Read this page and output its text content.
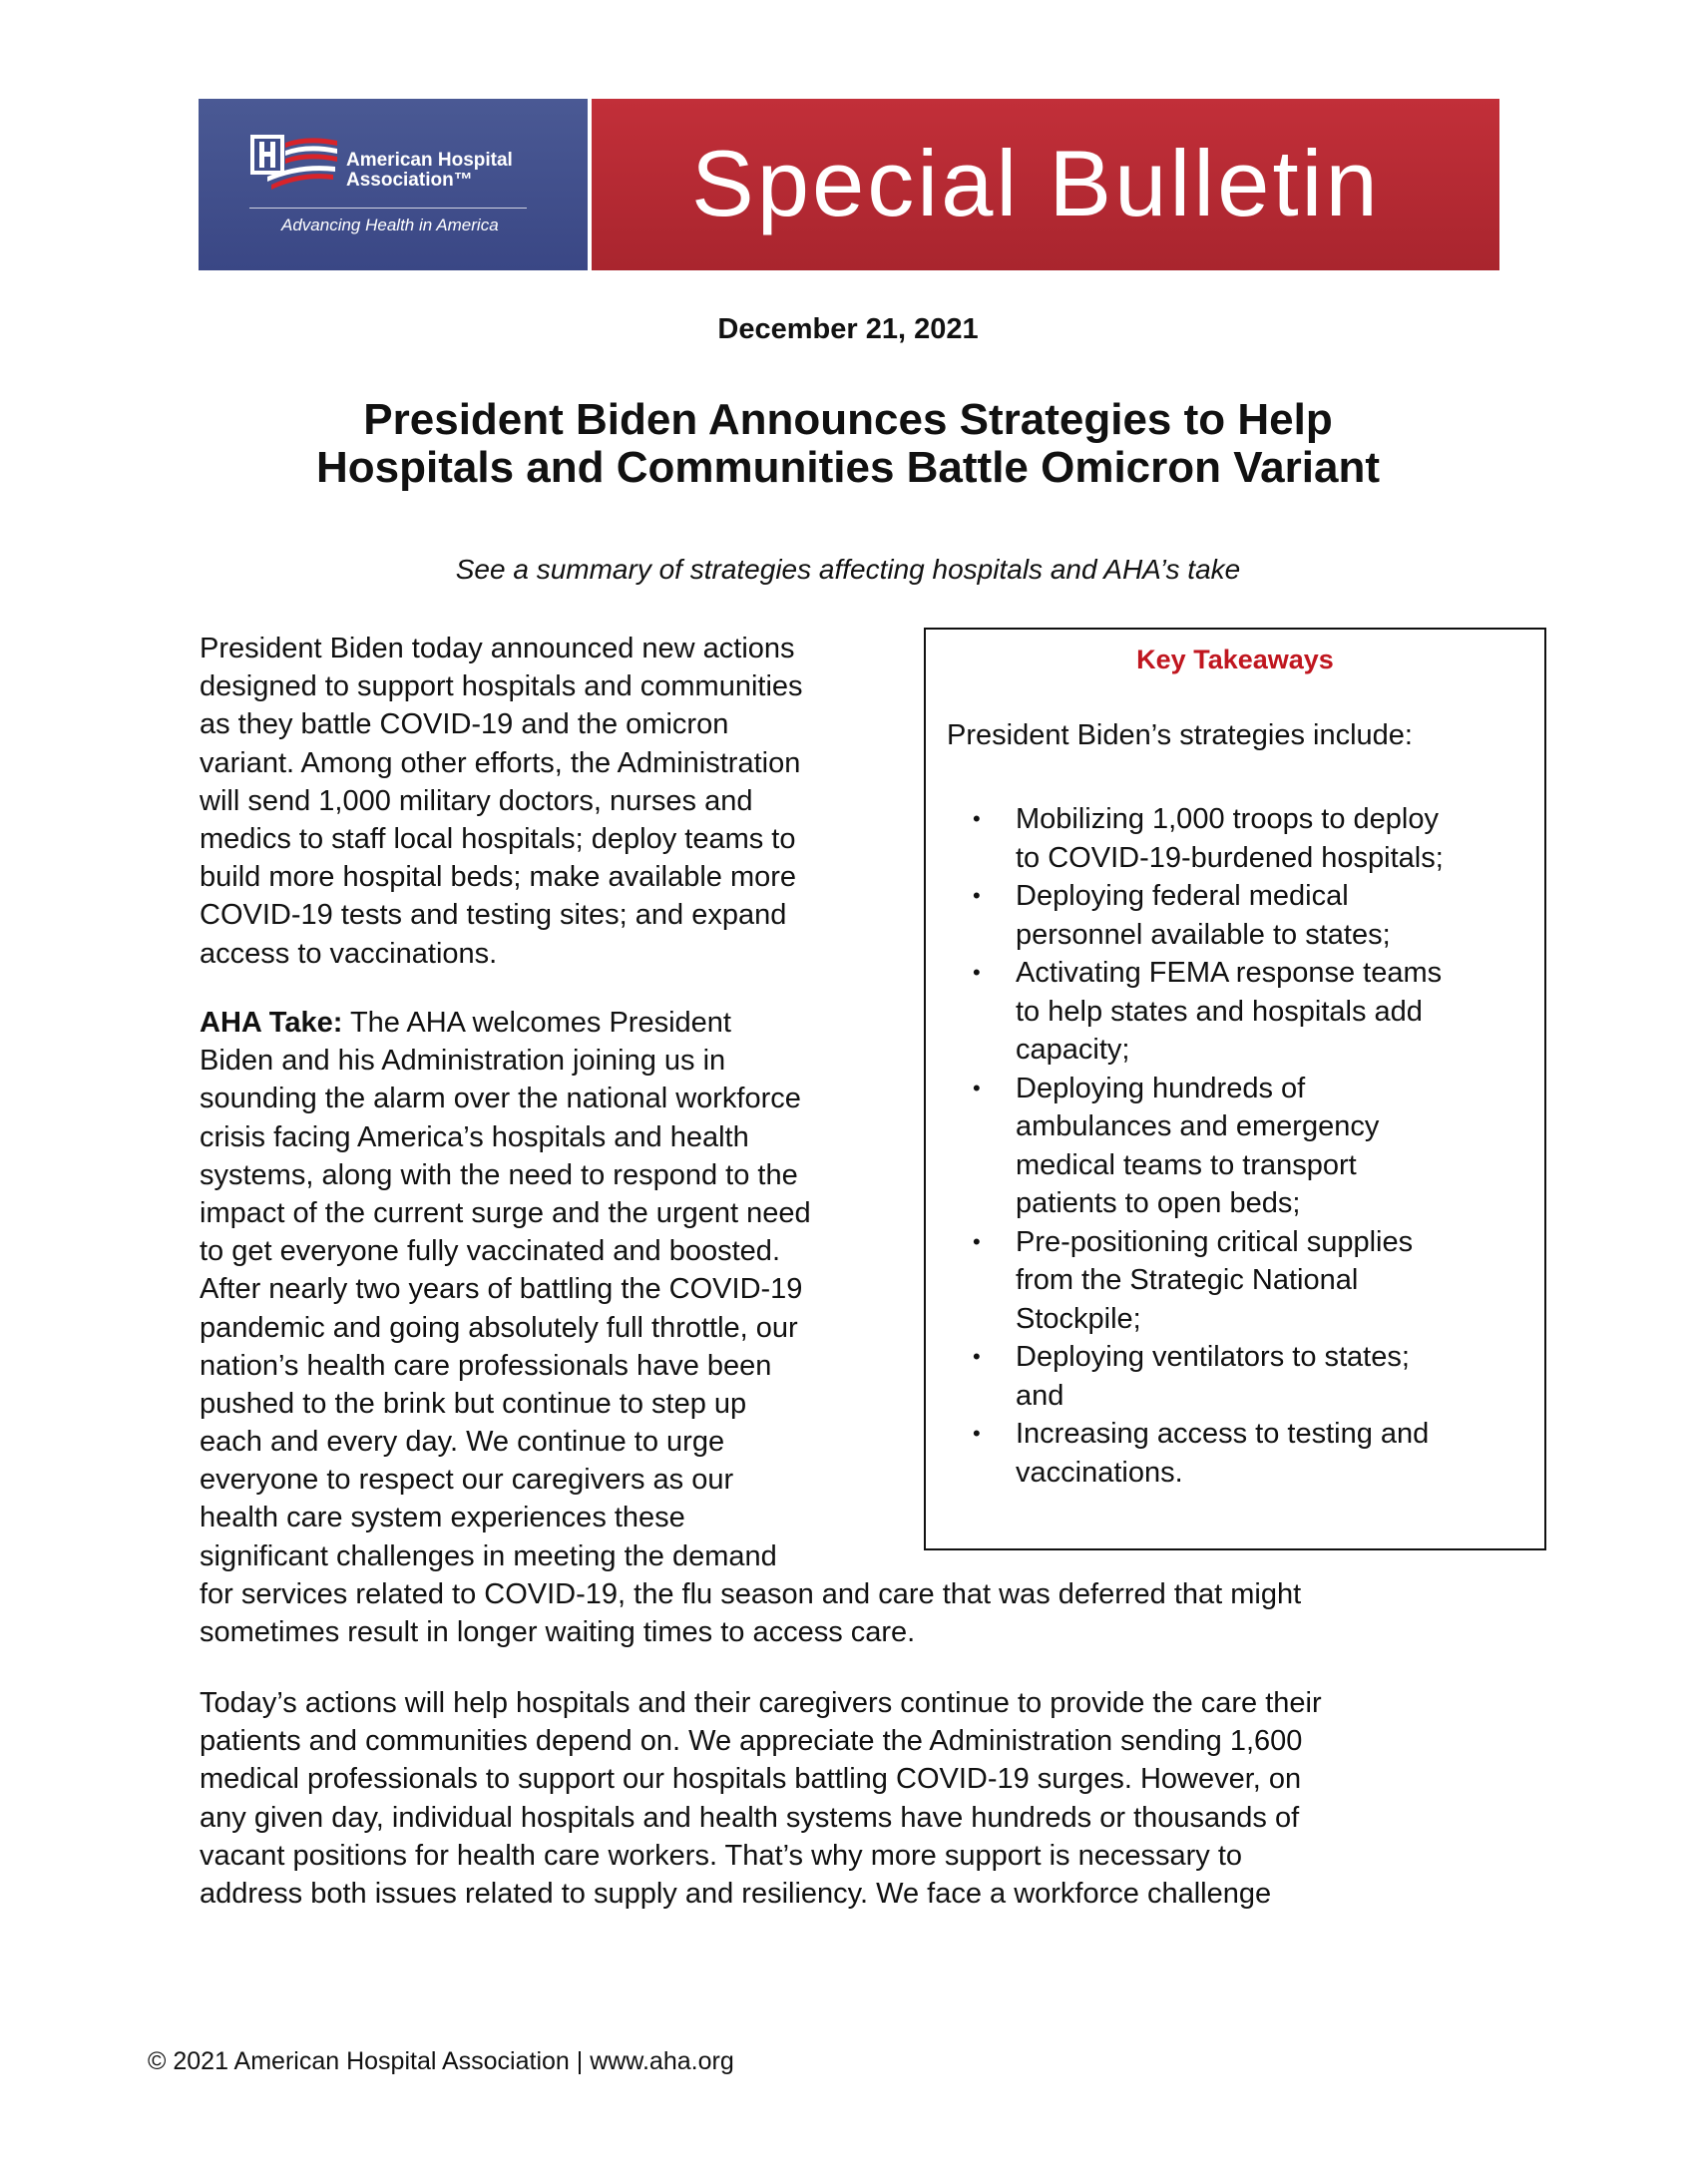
American Hospital
Association™
Advancing Health in America Special Bulletin
December 21, 2021
President Biden Announces Strategies to Help
Hospitals and Communities Battle Omicron Variant
See a summary of strategies affecting hospitals and AHA’s take
President Biden today announced new actions
designed to support hospitals and communities
as they battle COVID-19 and the omicron
variant. Among other efforts, the Administration
will send 1,000 military doctors, nurses and
medics to staff local hospitals; deploy teams to
build more hospital beds; make available more
COVID-19 tests and testing sites; and expand
access to vaccinations.
AHA Take: The AHA welcomes President
Biden and his Administration joining us in
sounding the alarm over the national workforce
crisis facing America’s hospitals and health
systems, along with the need to respond to the
impact of the current surge and the urgent need
to get everyone fully vaccinated and boosted.
After nearly two years of battling the COVID-19
pandemic and going absolutely full throttle, our
nation’s health care professionals have been
pushed to the brink but continue to step up
each and every day. We continue to urge
everyone to respect our caregivers as our
health care system experiences these
significant challenges in meeting the demand
for services related to COVID-19, the flu season and care that was deferred that might
sometimes result in longer waiting times to access care.
Today’s actions will help hospitals and their caregivers continue to provide the care their
patients and communities depend on. We appreciate the Administration sending 1,600
medical professionals to support our hospitals battling COVID-19 surges. However, on
any given day, individual hospitals and health systems have hundreds or thousands of
vacant positions for health care workers. That’s why more support is necessary to
address both issues related to supply and resiliency. We face a workforce challenge
Key Takeaways
President Biden’s strategies include:
• Mobilizing 1,000 troops to deploy
to COVID-19-burdened hospitals;
• Deploying federal medical
personnel available to states;
• Activating FEMA response teams
to help states and hospitals add
capacity;
• Deploying hundreds of
ambulances and emergency
medical teams to transport
patients to open beds;
• Pre-positioning critical supplies
from the Strategic National
Stockpile;
• Deploying ventilators to states;
and
• Increasing access to testing and
vaccinations.
© 2021 American Hospital Association | www.aha.org
